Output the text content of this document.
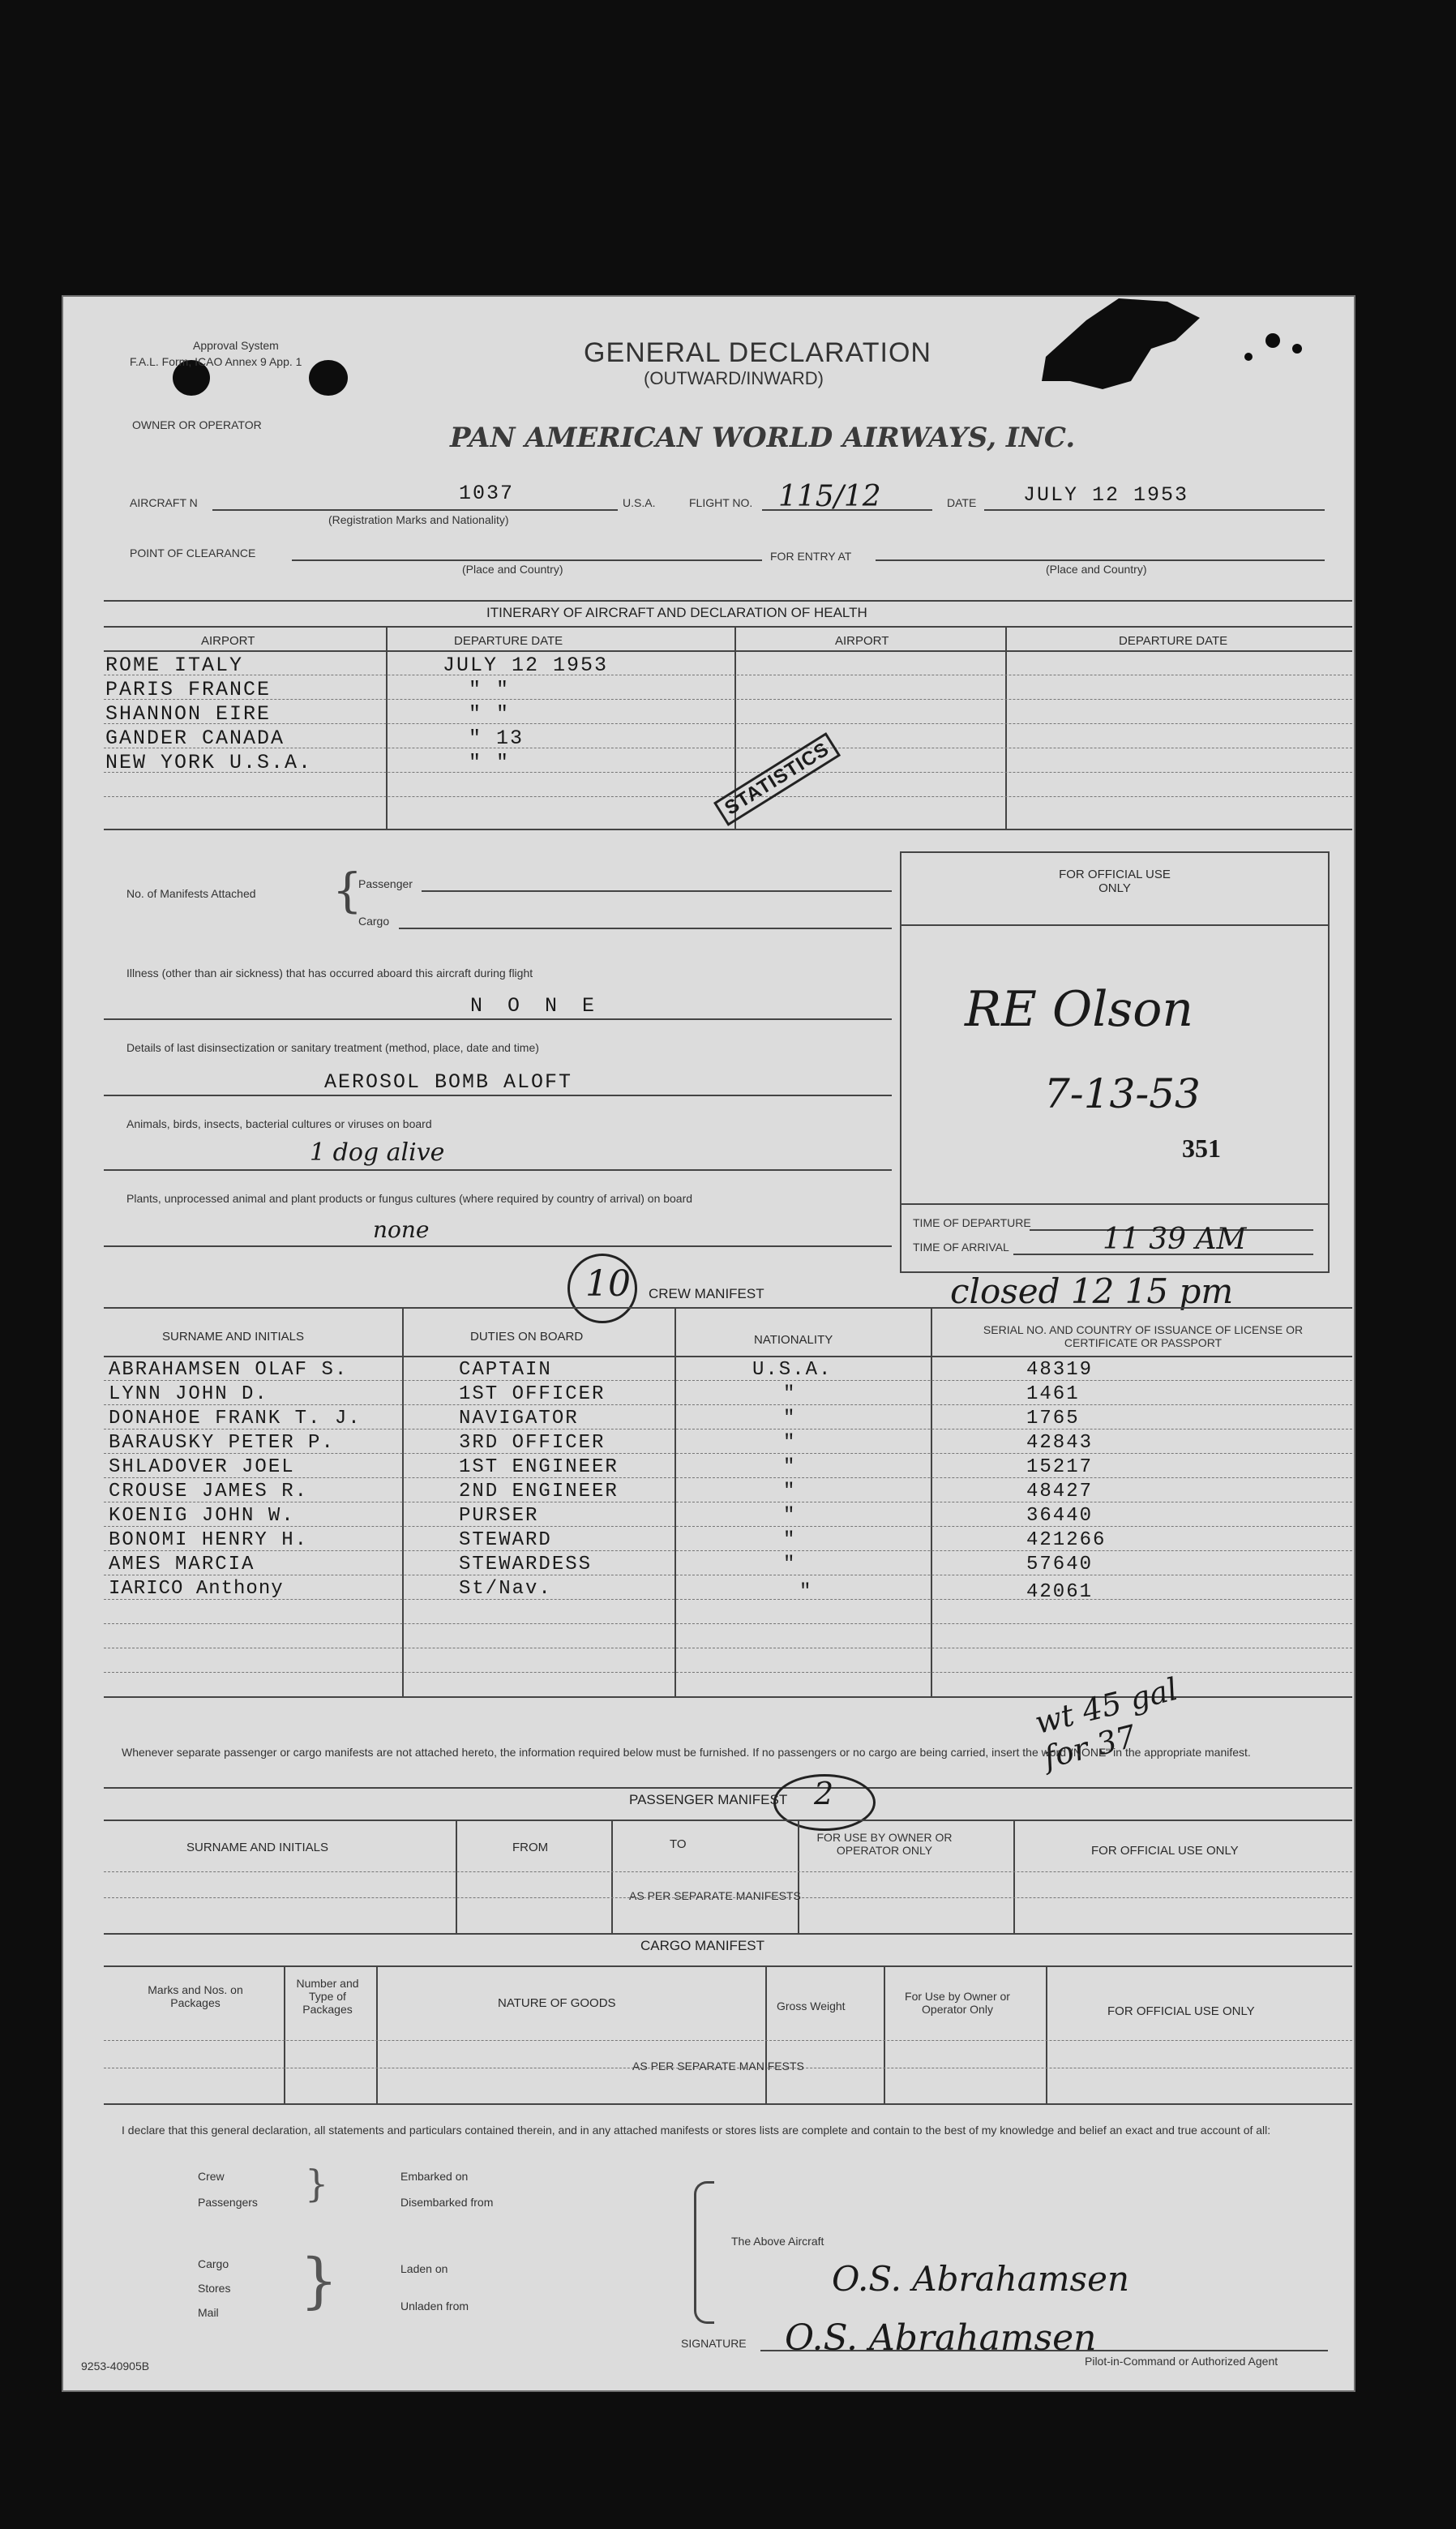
Approval System
F.A.L. Form, ICAO Annex 9 App. 1	GENERAL DECLARATION
(OUTWARD/INWARD)
OWNER OR OPERATOR	PAN AMERICAN WORLD AIRWAYS, INC.
AIRCRAFT N	1037
(Registration Marks and Nationality)
U.S.A.	FLIGHT NO. 115/12	DATE JULY 12 1953
POINT OF CLEARANCE
(Place and Country)
FOR ENTRY AT
(Place and Country)
ITINERARY OF AIRCRAFT AND DECLARATION OF HEALTH
AIRPORT	DEPARTURE DATE	AIRPORT	DEPARTURE DATE
ROME ITALY	JULY 12 1953
PARIS FRANCE	" "
SHANNON EIRE	" "
GANDER CANADA	" 13
NEW YORK U.S.A.	" "	STATISTICS
No. of Manifests Attached {
Passenger
Cargo
Illness (other than air sickness) that has occurred aboard this aircraft during flight
N O N E
Details of last disinsectization or sanitary treatment (method, place, date and time)
AEROSOL BOMB ALOFT
Animals, birds, insects, bacterial cultures or viruses on board
1 dog alive
Plants, unprocessed animal and plant products or fungus cultures (where required by country of arrival) on board
none
FOR OFFICIAL USE ONLY
RE Olson
7-13-53
351
TIME OF DEPARTURE
TIME OF ARRIVAL	11 39 AM
closed 12 15 pm
10 CREW MANIFEST
SURNAME AND INITIALS	DUTIES ON BOARD	NATIONALITY
SERIAL NO. AND COUNTRY OF ISSUANCE OF LICENSE OR CERTIFICATE OR PASSPORT
ABRAHAMSEN OLAF S.	CAPTAIN	U.S.A.	48319
LYNN JOHN D.	1ST OFFICER	"	1461
DONAHOE FRANK T. J.	NAVIGATOR	"	1765
BARAUSKY PETER P.	3RD OFFICER	"	42843
SHLADOVER JOEL	1ST ENGINEER	"	15217
CROUSE JAMES R.	2ND ENGINEER	"	48427
KOENIG JOHN W.	PURSER	"	36440
BONOMI HENRY H.	STEWARD	"	421266
AMES MARCIA	STEWARDESS	"	57640
IARICO Anthony	St/Nav.	"	42061
wt 45 gal for 37
Whenever separate passenger or cargo manifests are not attached hereto, the information required below must be furnished. If no passengers or no cargo are being carried, insert the word "NONE" in the appropriate manifest.
PASSENGER MANIFEST 2
SURNAME AND INITIALS	FROM	TO	FOR USE BY OWNER OR OPERATOR ONLY	FOR OFFICIAL USE ONLY
AS PER SEPARATE MANIFESTS
CARGO MANIFEST
Marks and Nos. on Packages
Number and Type of Packages	NATURE OF GOODS	Gross Weight
For Use by Owner or Operator Only	FOR OFFICIAL USE ONLY
AS PER SEPARATE MANIFESTS
I declare that this general declaration, all statements and particulars contained therein, and in any attached manifests or stores lists are complete and contain to the best of my knowledge and belief an exact and true account of all:
Crew
Passengers }	Embarked on
Disembarked from
Cargo
Stores
Mail }	Laden on
Unladen from
The Above Aircraft
O.S. Abrahamsen
SIGNATURE O.S. Abrahamsen
Pilot-in-Command or Authorized Agent
9253-40905B
